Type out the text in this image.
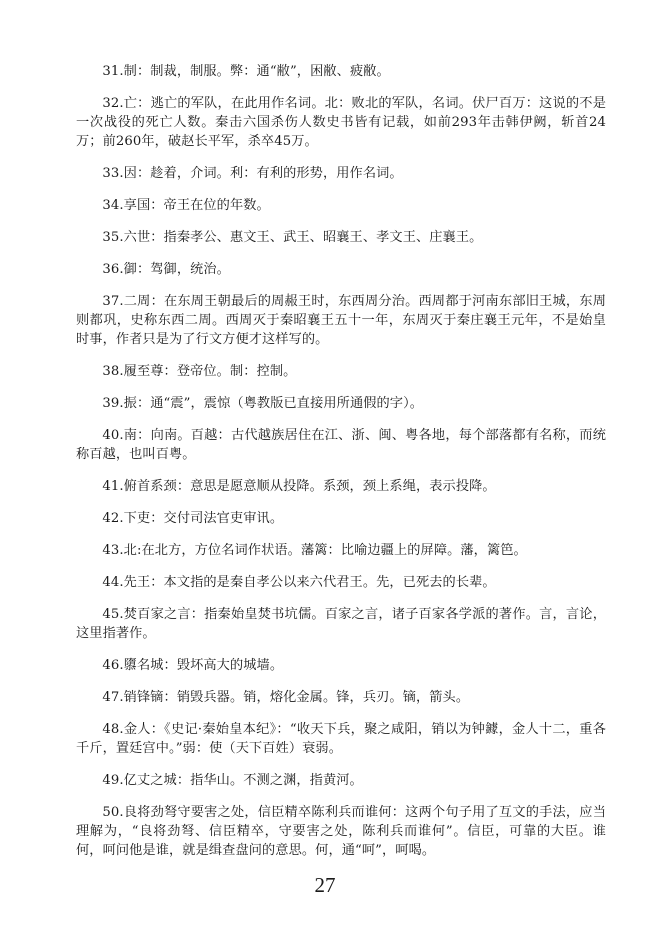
31.制：制裁，制服。弊：通“敝”，困敝、疲敝。

32.亡：逃亡的军队，在此用作名词。北：败北的军队，名词。伏尸百万：这说的不是一次战役的死亡人数。秦击六国杀伤人数史书皆有记载，如前293年击韩伊阙，斩首24万；前260年，破赵长平军，杀卒45万。

33.因：趁着，介词。利：有利的形势，用作名词。

34.享国：帝王在位的年数。

35.六世：指秦孝公、惠文王、武王、昭襄王、孝文王、庄襄王。

36.御：驾御，统治。

37.二周：在东周王朝最后的周赧王时，东西周分治。西周都于河南东部旧王城，东周则都巩，史称东西二周。西周灭于秦昭襄王五十一年，东周灭于秦庄襄王元年，不是始皇时事，作者只是为了行文方便才这样写的。

38.履至尊：登帝位。制：控制。

39.振：通“震”，震惊（粤教版已直接用所通假的字）。

40.南：向南。百越：古代越族居住在江、浙、闽、粤各地，每个部落都有名称，而统称百越，也叫百粤。

41.俯首系颈：意思是愿意顺从投降。系颈，颈上系绳，表示投降。

42.下吏：交付司法官吏审讯。

43.北:在北方，方位名词作状语。藩篱：比喻边疆上的屏障。藩，篱笆。

44.先王：本文指的是秦自孝公以来六代君王。先，已死去的长辈。

45.焚百家之言：指秦始皇焚书坑儒。百家之言，诸子百家各学派的著作。言，言论，这里指著作。

46.隳名城：毁坏高大的城墙。

47.销锋镝：销毁兵器。销，熔化金属。锋，兵刃。镝，箭头。

48.金人：《史记·秦始皇本纪》：“收天下兵，聚之咸阳，销以为钟鐻，金人十二，重各千斤，置廷宫中。”弱：使（天下百姓）衰弱。

49.亿丈之城：指华山。不测之渊，指黄河。

50.良将劲弩守要害之处，信臣精卒陈利兵而谁何：这两个句子用了互文的手法，应当理解为，“良将劲弩、信臣精卒，守要害之处，陈利兵而谁何”。信臣，可靠的大臣。谁何，呵问他是谁，就是缉查盘问的意思。何，通“呵”，呵喝。

27
